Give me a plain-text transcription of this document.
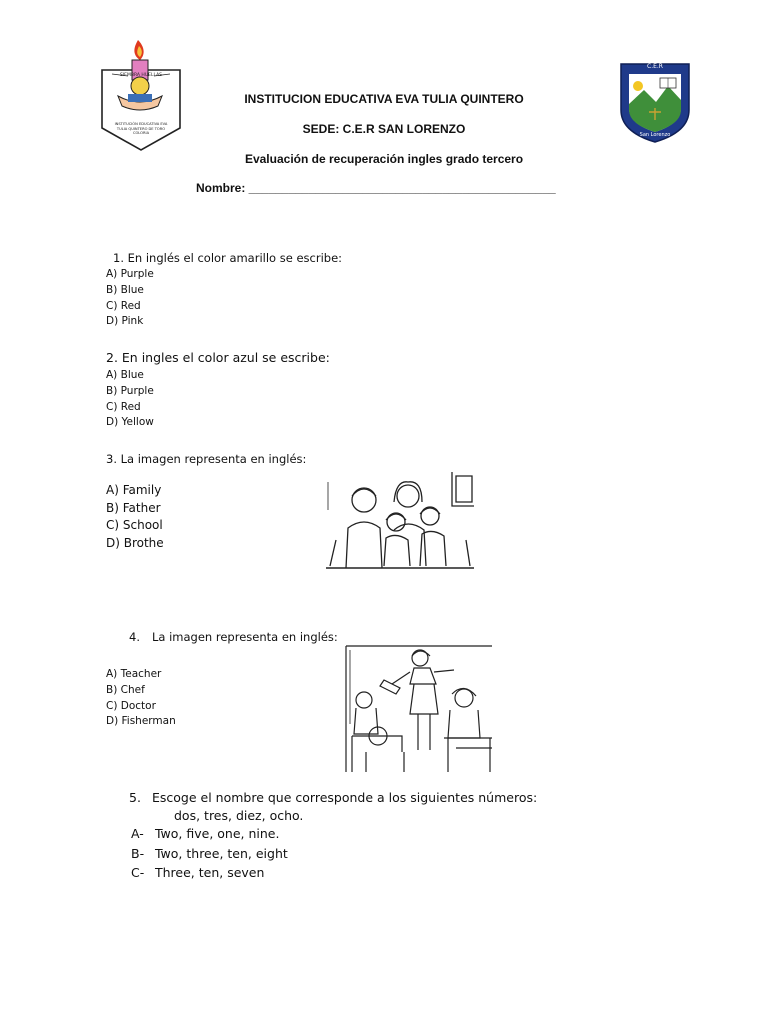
SIEMBRA HUELLAS
INSTITUCIÓN EDUCATIVA EVA TULIA QUINTERO DE TORO COLORIA
C.E.R
San Lorenzo
INSTITUCION EDUCATIVA EVA TULIA QUINTERO
SEDE: C.E.R SAN LORENZO
Evaluación de recuperación ingles grado tercero
Nombre: ______________________________________________
1. En inglés el color amarillo se escribe:
A) Purple
B) Blue
C) Red
D) Pink
2. En ingles el color azul se escribe:
A) Blue
B) Purple
C) Red
D) Yellow
3. La imagen representa en inglés:
A) Family
B) Father
C) School
D) Brothe
4. La imagen representa en inglés:
A) Teacher
B) Chef
C) Doctor
D) Fisherman
5. Escoge el nombre que corresponde a los siguientes números:
dos, tres, diez, ocho.
A- Two, five, one, nine.
B- Two, three, ten, eight
C- Three, ten, seven
